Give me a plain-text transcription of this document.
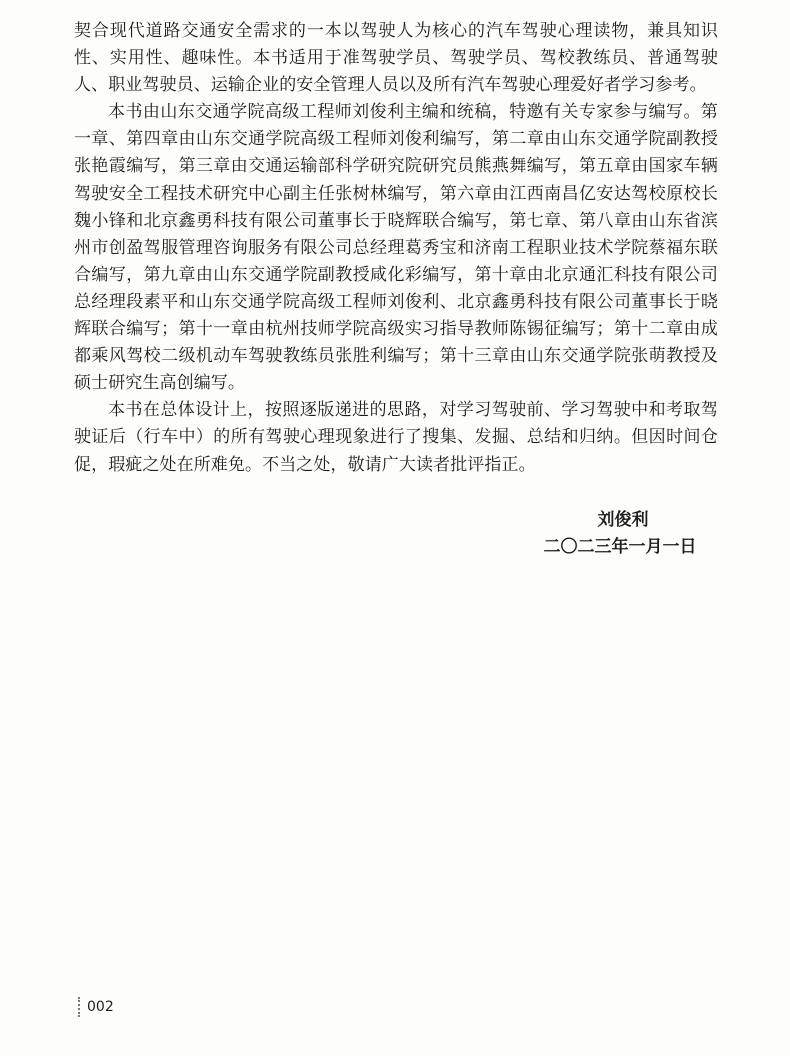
契合现代道路交通安全需求的一本以驾驶人为核心的汽车驾驶心理读物，兼具知识性、实用性、趣味性。本书适用于准驾驶学员、驾驶学员、驾校教练员、普通驾驶人、职业驾驶员、运输企业的安全管理人员以及所有汽车驾驶心理爱好者学习参考。

本书由山东交通学院高级工程师刘俊利主编和统稿，特邀有关专家参与编写。第一章、第四章由山东交通学院高级工程师刘俊利编写，第二章由山东交通学院副教授张艳霞编写，第三章由交通运输部科学研究院研究员熊燕舞编写，第五章由国家车辆驾驶安全工程技术研究中心副主任张树林编写，第六章由江西南昌亿安达驾校原校长魏小锋和北京鑫勇科技有限公司董事长于晓辉联合编写，第七章、第八章由山东省滨州市创盈驾服管理咨询服务有限公司总经理葛秀宝和济南工程职业技术学院蔡福东联合编写，第九章由山东交通学院副教授咸化彩编写，第十章由北京通汇科技有限公司总经理段素平和山东交通学院高级工程师刘俊利、北京鑫勇科技有限公司董事长于晓辉联合编写；第十一章由杭州技师学院高级实习指导教师陈锡征编写；第十二章由成都乘风驾校二级机动车驾驶教练员张胜利编写；第十三章由山东交通学院张萌教授及硕士研究生高创编写。

本书在总体设计上，按照逐版递进的思路，对学习驾驶前、学习驾驶中和考取驾驶证后（行车中）的所有驾驶心理现象进行了搜集、发掘、总结和归纳。但因时间仓促，瑕疵之处在所难免。不当之处，敬请广大读者批评指正。

刘俊利
二〇二三年一月一日
002
